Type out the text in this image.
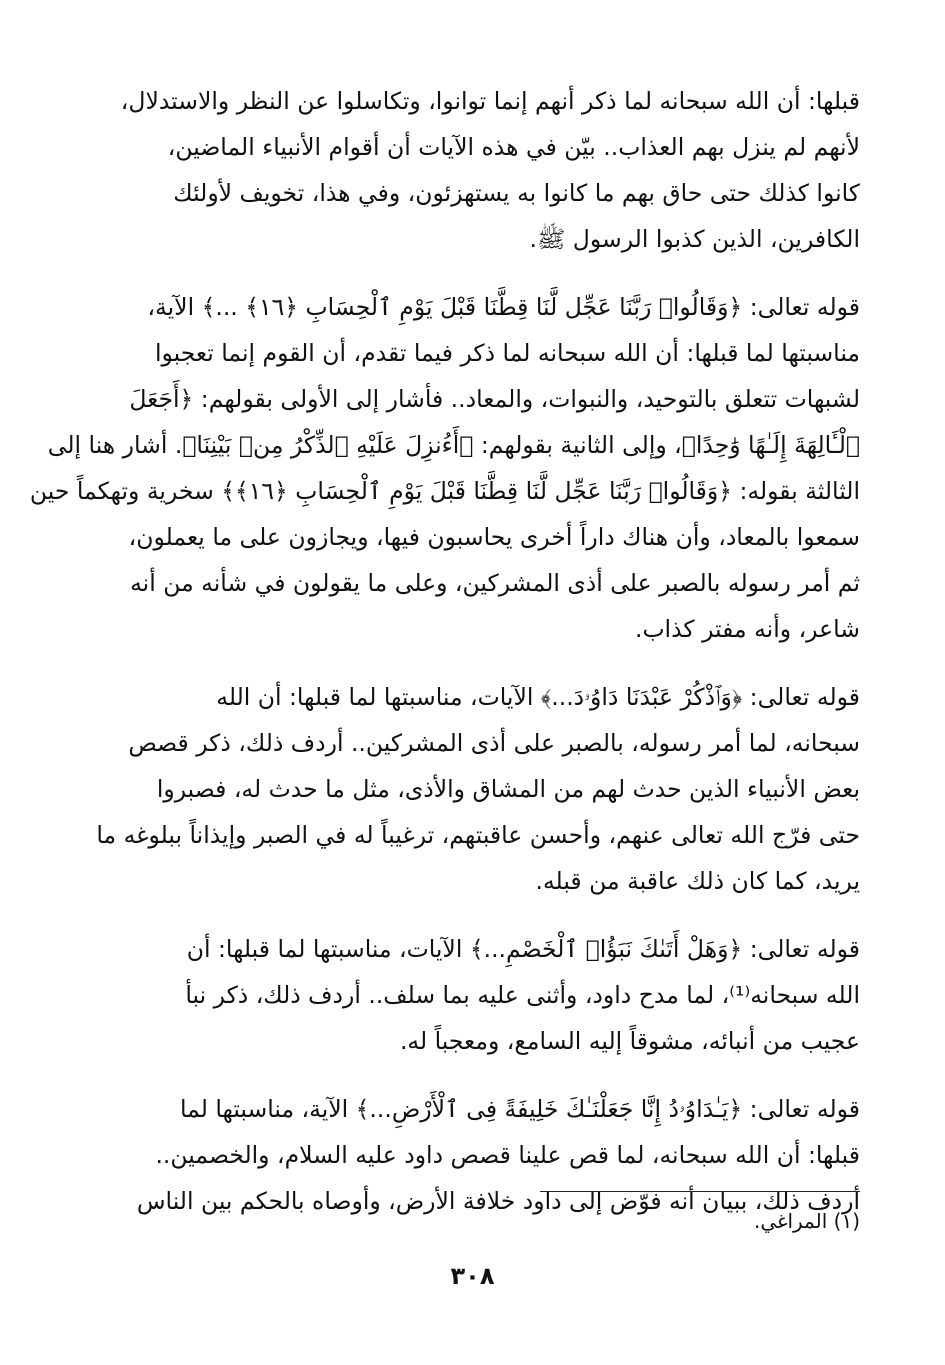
قبلها: أن الله سبحانه لما ذكر أنهم إنما توانوا، وتكاسلوا عن النظر والاستدلال،
لأنهم لم ينزل بهم العذاب.. بيّن في هذه الآيات أن أقوام الأنبياء الماضين،
كانوا كذلك حتى حاق بهم ما كانوا به يستهزئون، وفي هذا، تخويف لأولئك
الكافرين، الذين كذبوا الرسول ﷺ.

قوله تعالى: ﴿وَقَالُوا۟ رَبَّنَا عَجِّل لَّنَا قِطَّنَا قَبْلَ يَوْمِ ٱلْحِسَابِ ﴿١٦﴾ ...﴾ الآية،
مناسبتها لما قبلها: أن الله سبحانه لما ذكر فيما تقدم، أن القوم إنما تعجبوا
لشبهات تتعلق بالتوحيد، والنبوات، والمعاد.. فأشار إلى الأولى بقولهم: ﴿أَجَعَلَ
ٱلْـَٔالِهَةَ إِلَـٰهًا وَٰحِدًا﴾، وإلى الثانية بقولهم: ﴿أَءُنزِلَ عَلَيْهِ ٱلذِّكْرُ مِنۢ بَيْنِنَا﴾. أشار هنا إلى
الثالثة بقوله: ﴿وَقَالُوا۟ رَبَّنَا عَجِّل لَّنَا قِطَّنَا قَبْلَ يَوْمِ ٱلْحِسَابِ ﴿١٦﴾﴾ سخرية وتهكماً حين
سمعوا بالمعاد، وأن هناك داراً أخرى يحاسبون فيها، ويجازون على ما يعملون،
ثم أمر رسوله بالصبر على أذى المشركين، وعلى ما يقولون في شأنه من أنه
شاعر، وأنه مفتر كذاب.

قوله تعالى: ﴿وَٱذْكُرْ عَبْدَنَا دَاوُۥدَ...﴾ الآيات، مناسبتها لما قبلها: أن الله
سبحانه، لما أمر رسوله، بالصبر على أذى المشركين.. أردف ذلك، ذكر قصص
بعض الأنبياء الذين حدث لهم من المشاق والأذى، مثل ما حدث له، فصبروا
حتى فرّج الله تعالى عنهم، وأحسن عاقبتهم، ترغيباً له في الصبر وإيذاناً ببلوغه ما
يريد، كما كان ذلك عاقبة من قبله.

قوله تعالى: ﴿وَهَلْ أَتَىٰكَ نَبَؤُا۟ ٱلْخَصْمِ...﴾ الآيات، مناسبتها لما قبلها: أن
الله سبحانه⁽¹⁾، لما مدح داود، وأثنى عليه بما سلف.. أردف ذلك، ذكر نبأ
عجيب من أنبائه، مشوقاً إليه السامع، ومعجباً له.

قوله تعالى: ﴿يَـٰدَاوُۥدُ إِنَّا جَعَلْنَـٰكَ خَلِيفَةً فِى ٱلْأَرْضِ...﴾ الآية، مناسبتها لما
قبلها: أن الله سبحانه، لما قص علينا قصص داود عليه السلام، والخصمين..
أردف ذلك، ببيان أنه فوّض إلى داود خلافة الأرض، وأوصاه بالحكم بين الناس

(١) المراغي.
٣٠٨
